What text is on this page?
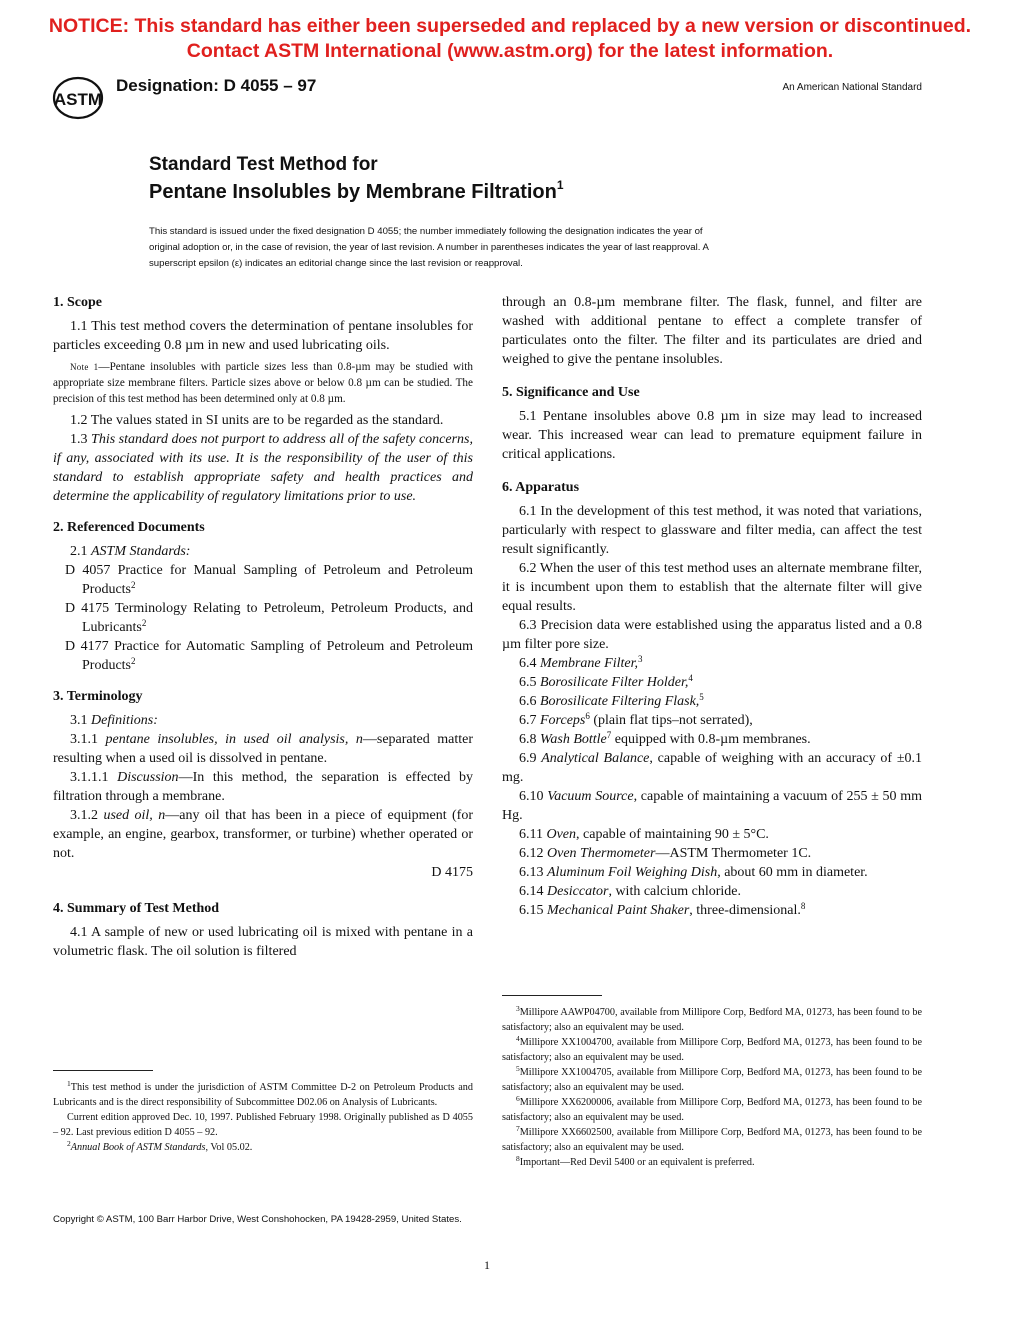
NOTICE: This standard has either been superseded and replaced by a new version or discontinued.
Contact ASTM International (www.astm.org) for the latest information.
ASTM
Designation: D 4055 – 97	An American National Standard
Standard Test Method for
Pentane Insolubles by Membrane Filtration$^1$
This standard is issued under the fixed designation D 4055; the number immediately following the designation indicates the year of
original adoption or, in the case of revision, the year of last revision. A number in parentheses indicates the year of last reapproval. A
superscript epsilon (ε) indicates an editorial change since the last revision or reapproval.
1. Scope

1.1 This test method covers the determination of pentane insolubles for particles exceeding 0.8 µm in new and used lubricating oils.

Note 1—Pentane insolubles with particle sizes less than 0.8-µm may be studied with appropriate size membrane filters. Particle sizes above or below 0.8 µm can be studied. The precision of this test method has been determined only at 0.8 µm.

1.2 The values stated in SI units are to be regarded as the standard.

1.3 This standard does not purport to address all of the safety concerns, if any, associated with its use. It is the responsibility of the user of this standard to establish appropriate safety and health practices and determine the applicability of regulatory limitations prior to use.

2. Referenced Documents

2.1 ASTM Standards:

D 4057 Practice for Manual Sampling of Petroleum and Petroleum Products$^2$

D 4175 Terminology Relating to Petroleum, Petroleum Products, and Lubricants$^2$

D 4177 Practice for Automatic Sampling of Petroleum and Petroleum Products$^2$

3. Terminology

3.1 Definitions:

3.1.1 pentane insolubles, in used oil analysis, n—separated matter resulting when a used oil is dissolved in pentane.

3.1.1.1 Discussion—In this method, the separation is effected by filtration through a membrane.

3.1.2 used oil, n—any oil that has been in a piece of equipment (for example, an engine, gearbox, transformer, or turbine) whether operated or not.

D 4175

4. Summary of Test Method

4.1 A sample of new or used lubricating oil is mixed with pentane in a volumetric flask. The oil solution is filtered

$^1$This test method is under the jurisdiction of ASTM Committee D-2 on Petroleum Products and Lubricants and is the direct responsibility of Subcommittee D02.06 on Analysis of Lubricants.

Current edition approved Dec. 10, 1997. Published February 1998. Originally published as D 4055 – 92. Last previous edition D 4055 – 92.

$^2$Annual Book of ASTM Standards, Vol 05.02.

through an 0.8-µm membrane filter. The flask, funnel, and filter are washed with additional pentane to effect a complete transfer of particulates onto the filter. The filter and its particulates are dried and weighed to give the pentane insolubles.

5. Significance and Use

5.1 Pentane insolubles above 0.8 µm in size may lead to increased wear. This increased wear can lead to premature equipment failure in critical applications.

6. Apparatus

6.1 In the development of this test method, it was noted that variations, particularly with respect to glassware and filter media, can affect the test result significantly.

6.2 When the user of this test method uses an alternate membrane filter, it is incumbent upon them to establish that the alternate filter will give equal results.

6.3 Precision data were established using the apparatus listed and a 0.8 µm filter pore size.

6.4 Membrane Filter,$^3$

6.5 Borosilicate Filter Holder,$^4$

6.6 Borosilicate Filtering Flask,$^5$

6.7 Forceps$^6$ (plain flat tips–not serrated),

6.8 Wash Bottle$^7$ equipped with 0.8-µm membranes.

6.9 Analytical Balance, capable of weighing with an accuracy of ±0.1 mg.

6.10 Vacuum Source, capable of maintaining a vacuum of 255 ± 50 mm Hg.

6.11 Oven, capable of maintaining 90 ± 5°C.

6.12 Oven Thermometer—ASTM Thermometer 1C.

6.13 Aluminum Foil Weighing Dish, about 60 mm in diameter.

6.14 Desiccator, with calcium chloride.

6.15 Mechanical Paint Shaker, three-dimensional.$^8$

$^3$Millipore AAWP04700, available from Millipore Corp, Bedford MA, 01273, has been found to be satisfactory; also an equivalent may be used.

$^4$Millipore XX1004700, available from Millipore Corp, Bedford MA, 01273, has been found to be satisfactory; also an equivalent may be used.

$^5$Millipore XX1004705, available from Millipore Corp, Bedford MA, 01273, has been found to be satisfactory; also an equivalent may be used.

$^6$Millipore XX6200006, available from Millipore Corp, Bedford MA, 01273, has been found to be satisfactory; also an equivalent may be used.

$^7$Millipore XX6602500, available from Millipore Corp, Bedford MA, 01273, has been found to be satisfactory; also an equivalent may be used.

$^8$Important—Red Devil 5400 or an equivalent is preferred.

Copyright © ASTM, 100 Barr Harbor Drive, West Conshohocken, PA 19428-2959, United States.
1
